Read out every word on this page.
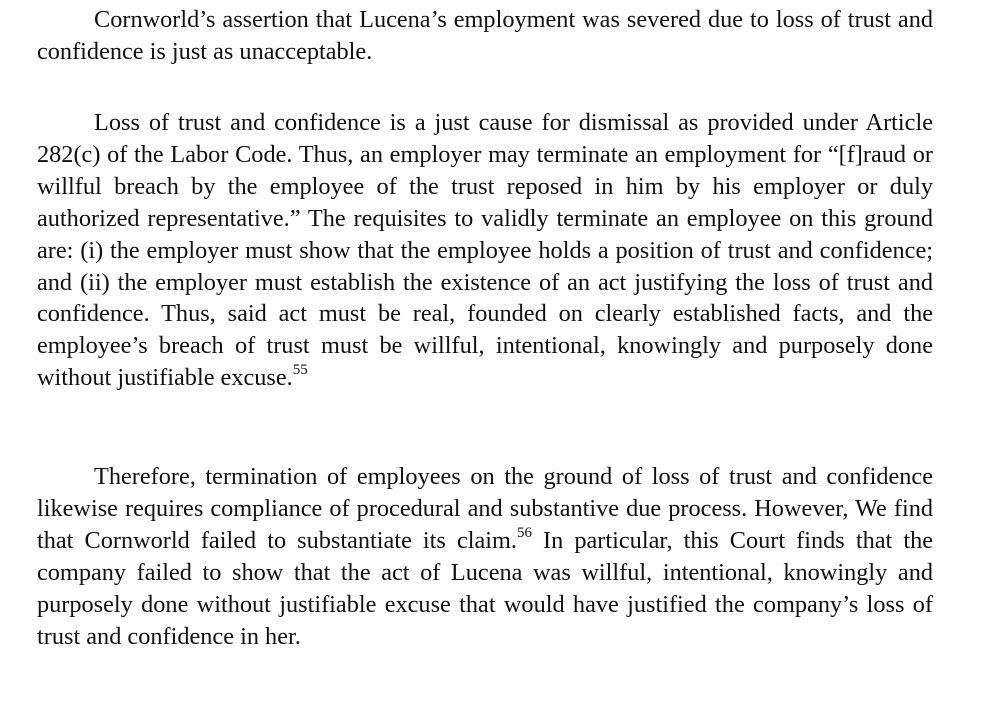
Cornworld’s assertion that Lucena’s employment was severed due to loss of trust and confidence is just as unacceptable.

Loss of trust and confidence is a just cause for dismissal as provided under Article 282(c) of the Labor Code. Thus, an employer may terminate an employment for “[f]raud or willful breach by the employee of the trust reposed in him by his employer or duly authorized representative.” The requisites to validly terminate an employee on this ground are: (i) the employer must show that the employee holds a position of trust and confidence; and (ii) the employer must establish the existence of an act justifying the loss of trust and confidence. Thus, said act must be real, founded on clearly established facts, and the employee’s breach of trust must be willful, intentional, knowingly and purposely done without justifiable excuse.$^{55}$

Therefore, termination of employees on the ground of loss of trust and confidence likewise requires compliance of procedural and substantive due process. However, We find that Cornworld failed to substantiate its claim.$^{56}$ In particular, this Court finds that the company failed to show that the act of Lucena was willful, intentional, knowingly and purposely done without justifiable excuse that would have justified the company’s loss of trust and confidence in her.
